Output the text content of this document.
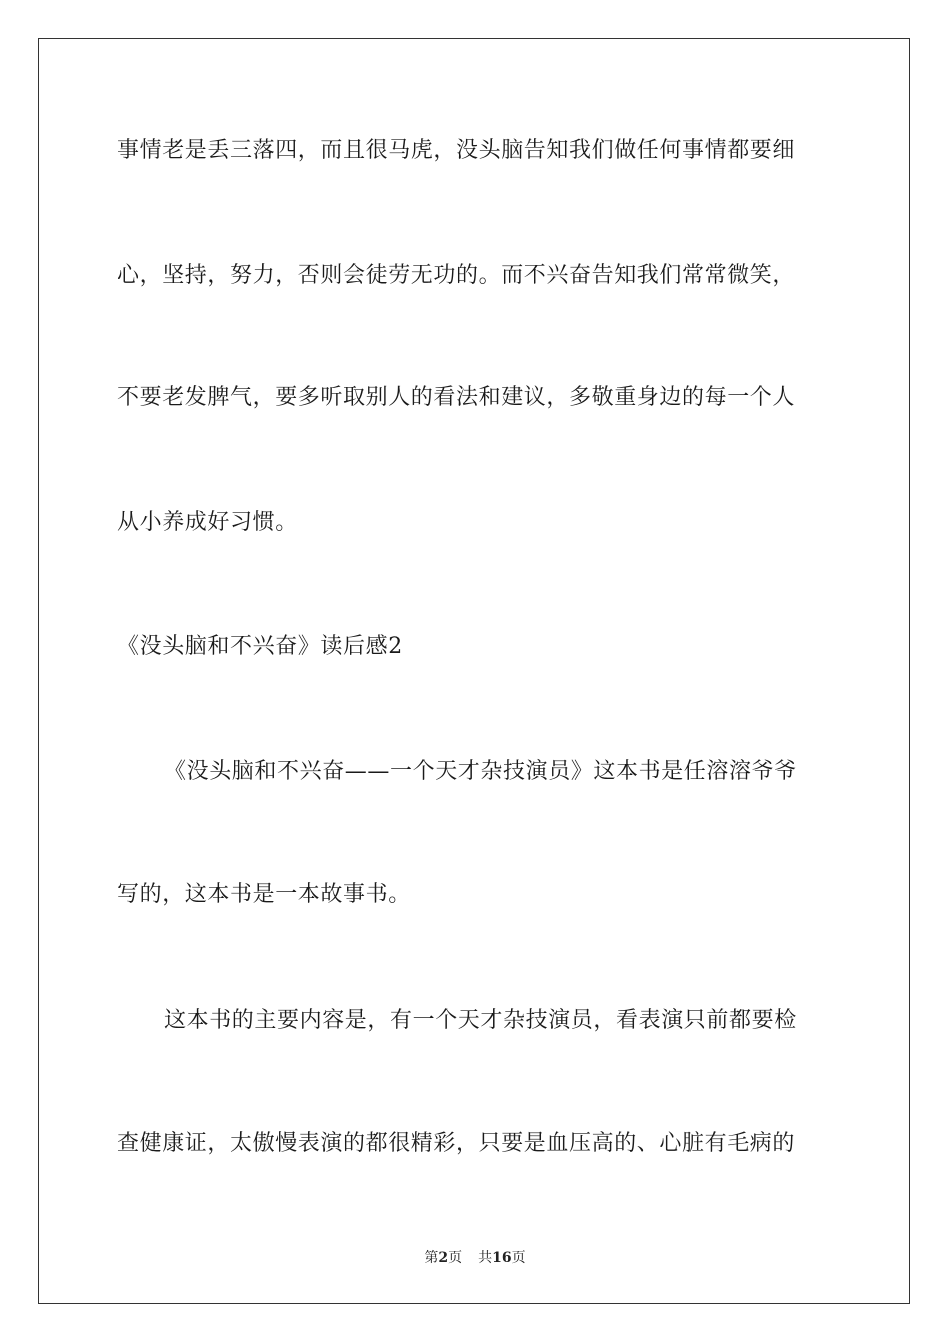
事情老是丢三落四，而且很马虎，没头脑告知我们做任何事情都要细
心，坚持，努力，否则会徒劳无功的。而不兴奋告知我们常常微笑，
不要老发脾气，要多听取别人的看法和建议，多敬重身边的每一个人
从小养成好习惯。
《没头脑和不兴奋》读后感2
《没头脑和不兴奋——一个天才杂技演员》这本书是任溶溶爷爷
写的，这本书是一本故事书。
这本书的主要内容是，有一个天才杂技演员，看表演只前都要检
查健康证，太傲慢表演的都很精彩，只要是血压高的、心脏有毛病的
第2页 共16页
